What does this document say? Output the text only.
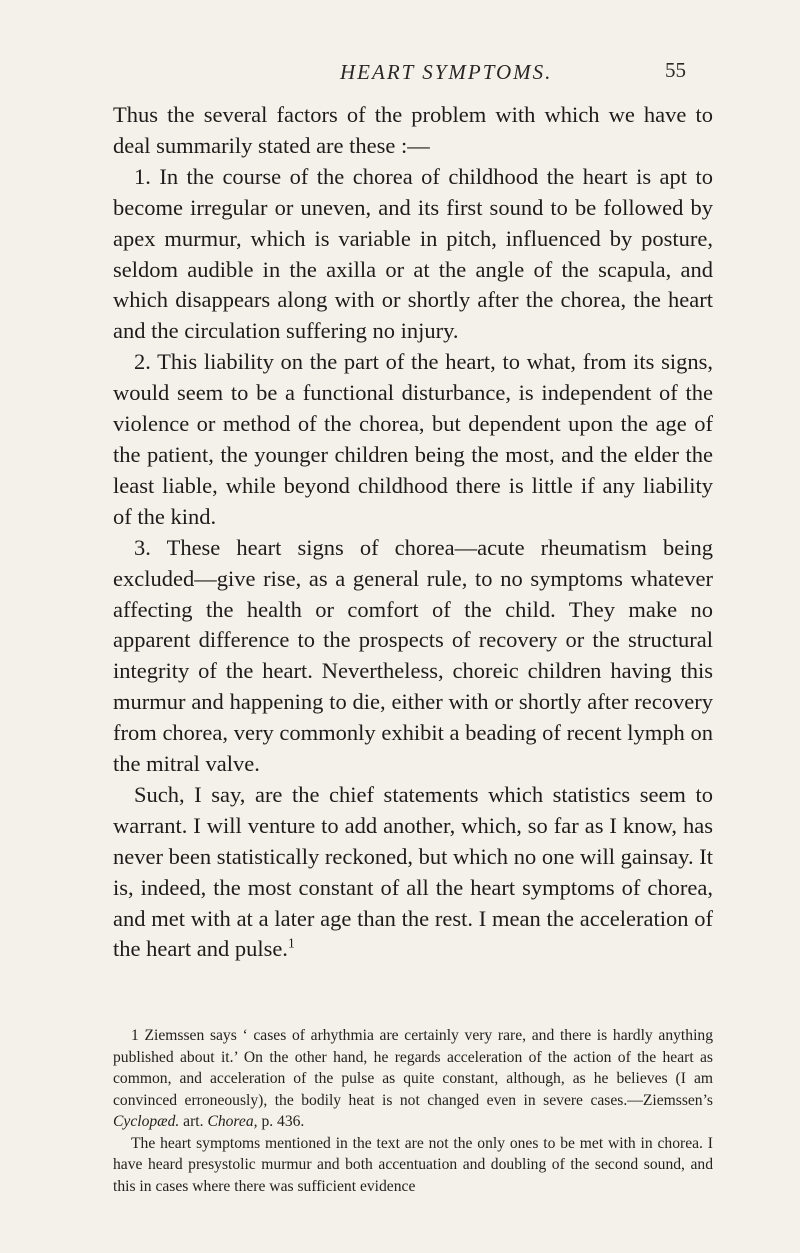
HEART SYMPTOMS.	55

Thus the several factors of the problem with which we have to deal summarily stated are these :—

1. In the course of the chorea of childhood the heart is apt to become irregular or uneven, and its first sound to be followed by apex murmur, which is variable in pitch, influenced by posture, seldom audible in the axilla or at the angle of the scapula, and which disappears along with or shortly after the chorea, the heart and the circulation suffering no injury.

2. This liability on the part of the heart, to what, from its signs, would seem to be a functional disturbance, is independent of the violence or method of the chorea, but dependent upon the age of the patient, the younger children being the most, and the elder the least liable, while beyond childhood there is little if any liability of the kind.

3. These heart signs of chorea—acute rheumatism being excluded—give rise, as a general rule, to no symptoms whatever affecting the health or comfort of the child. They make no apparent difference to the prospects of recovery or the structural integrity of the heart. Nevertheless, choreic children having this murmur and happening to die, either with or shortly after recovery from chorea, very commonly exhibit a beading of recent lymph on the mitral valve.

Such, I say, are the chief statements which statistics seem to warrant. I will venture to add another, which, so far as I know, has never been statistically reckoned, but which no one will gainsay. It is, indeed, the most constant of all the heart symptoms of chorea, and met with at a later age than the rest. I mean the acceleration of the heart and pulse.$^1$

1 Ziemssen says ‘ cases of arhythmia are certainly very rare, and there is hardly anything published about it.’ On the other hand, he regards acceleration of the action of the heart as common, and acceleration of the pulse as quite constant, although, as he believes (I am convinced erroneously), the bodily heat is not changed even in severe cases.—Ziemssen’s Cyclopæd. art. Chorea, p. 436.

The heart symptoms mentioned in the text are not the only ones to be met with in chorea. I have heard presystolic murmur and both accentuation and doubling of the second sound, and this in cases where there was sufficient evidence
